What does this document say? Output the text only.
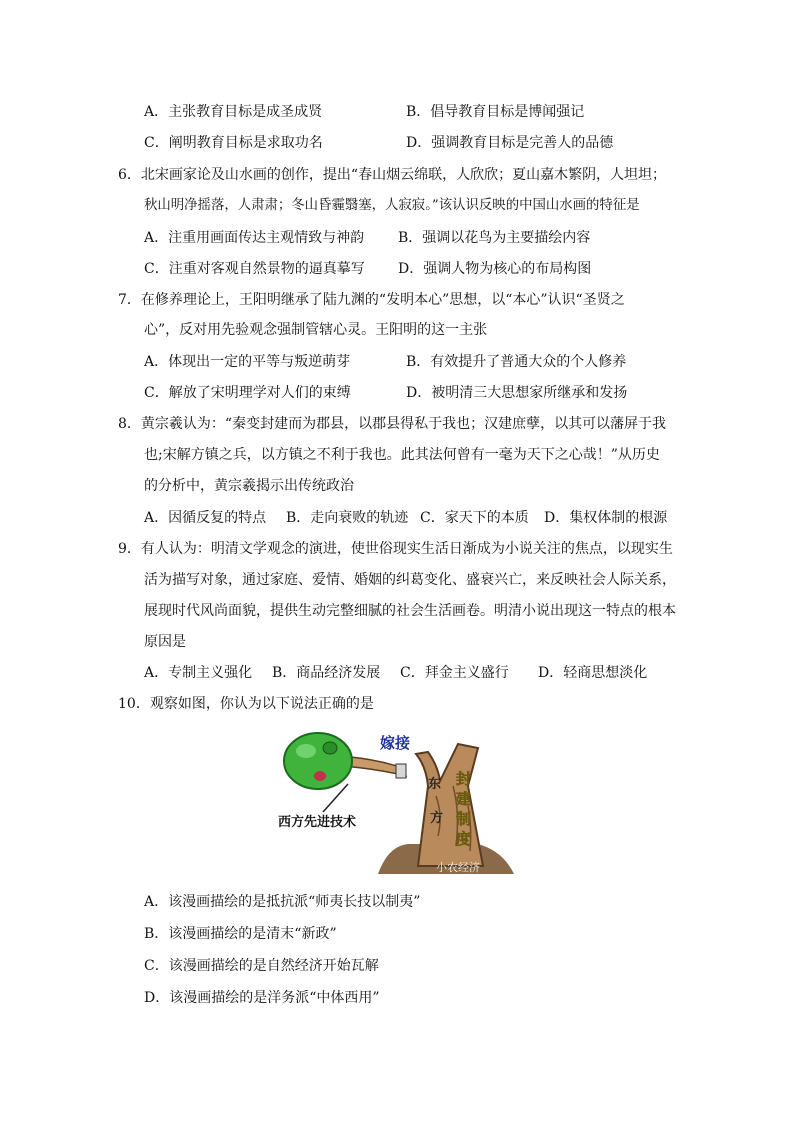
A．主张教育目标是成圣成贤	B．倡导教育目标是博闻强记
C．阐明教育目标是求取功名	D．强调教育目标是完善人的品德
6．北宋画家论及山水画的创作，提出“春山烟云绵联，人欣欣；夏山嘉木繁阴，人坦坦；
秋山明净摇落，人肃肃；冬山昏霾翳塞，人寂寂。”该认识反映的中国山水画的特征是
A．注重用画面传达主观情致与神韵 B．强调以花鸟为主要描绘内容
C．注重对客观自然景物的逼真摹写 D．强调人物为核心的布局构图
7．在修养理论上，王阳明继承了陆九渊的“发明本心”思想，以“本心”认识“圣贤之
心”，反对用先验观念强制管辖心灵。王阳明的这一主张
A．体现出一定的平等与叛逆萌芽	B．有效提升了普通大众的个人修养
C．解放了宋明理学对人们的束缚	D．被明清三大思想家所继承和发扬
8．黄宗羲认为：“秦变封建而为郡县，以郡县得私于我也；汉建庶孽，以其可以藩屏于我
也;宋解方镇之兵，以方镇之不利于我也。此其法何曾有一毫为天下之心哉！”从历史
的分析中，黄宗羲揭示出传统政治
A．因循反复的特点 B．走向衰败的轨迹 C．家天下的本质 D．集权体制的根源
9．有人认为：明清文学观念的演进，使世俗现实生活日渐成为小说关注的焦点，以现实生
活为描写对象，通过家庭、爱情、婚姻的纠葛变化、盛衰兴亡，来反映社会人际关系，
展现时代风尚面貌，提供生动完整细腻的社会生活画卷。明清小说出现这一特点的根本
原因是
A．专制主义强化 B．商品经济发展 C．拜金主义盛行 D．轻商思想淡化
10．观察如图，你认为以下说法正确的是
嫁接
西方先进技术
东
方
封
建
制
度
小农经济
A．该漫画描绘的是抵抗派“师夷长技以制夷”
B．该漫画描绘的是清末“新政”
C．该漫画描绘的是自然经济开始瓦解
D．该漫画描绘的是洋务派“中体西用”
